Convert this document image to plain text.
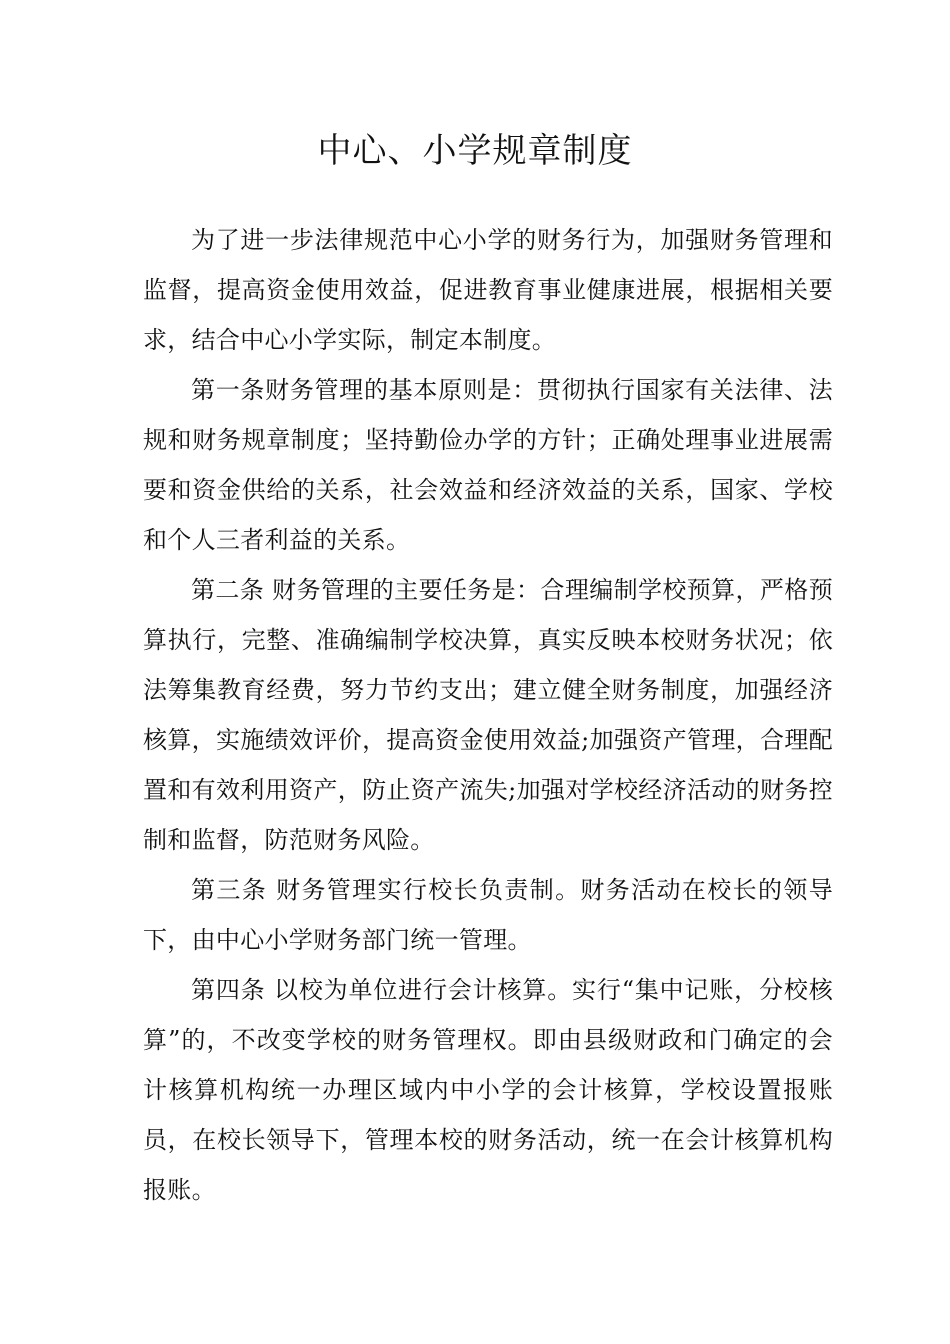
中心、小学规章制度

为了进一步法律规范中心小学的财务行为，加强财务管理和监督，提高资金使用效益，促进教育事业健康进展，根据相关要求，结合中心小学实际，制定本制度。

第一条财务管理的基本原则是：贯彻执行国家有关法律、法规和财务规章制度；坚持勤俭办学的方针；正确处理事业进展需要和资金供给的关系，社会效益和经济效益的关系，国家、学校和个人三者利益的关系。

第二条 财务管理的主要任务是：合理编制学校预算，严格预算执行，完整、准确编制学校决算，真实反映本校财务状况；依法筹集教育经费，努力节约支出；建立健全财务制度，加强经济核算，实施绩效评价，提高资金使用效益;加强资产管理，合理配置和有效利用资产，防止资产流失;加强对学校经济活动的财务控制和监督，防范财务风险。

第三条 财务管理实行校长负责制。财务活动在校长的领导下，由中心小学财务部门统一管理。

第四条 以校为单位进行会计核算。实行“集中记账，分校核算”的，不改变学校的财务管理权。即由县级财政和门确定的会计核算机构统一办理区域内中小学的会计核算，学校设置报账员，在校长领导下，管理本校的财务活动，统一在会计核算机构报账。
